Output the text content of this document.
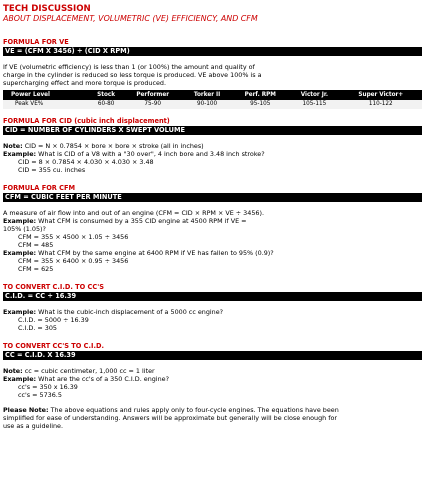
TECH DISCUSSION
ABOUT DISPLACEMENT, VOLUMETRIC (VE) EFFICIENCY, AND CFM
FORMULA FOR VE
VE = (CFM X 3456) ÷ (CID X RPM)

If VE (volumetric efficiency) is less than 1 (or 100%) the amount and quality of

charge in the cylinder is reduced so less torque is produced. VE above 100% is a

supercharging effect and more torque is produced.

Power Level	Stock	Performer	Torker II	Perf. RPM	Victor Jr.	Super Victor+
Peak VE%	60-80	75-90	90-100	95-105	105-115	110-122
FORMULA FOR CID (cubic inch displacement)
CID = NUMBER OF CYLINDERS X SWEPT VOLUME

Note: CID = N × 0.7854 × bore × bore × stroke (all in inches)

Example: What is CID of a V8 with a "30 over", 4 inch bore and 3.48 inch stroke?

CID = 8 × 0.7854 × 4.030 × 4.030 × 3.48

CID = 355 cu. inches

FORMULA FOR CFM
CFM = CUBIC FEET PER MINUTE

A measure of air flow into and out of an engine (CFM = CID × RPM × VE ÷ 3456).

Example: What CFM is consumed by a 355 CID engine at 4500 RPM if VE =

105% (1.05)?

CFM = 355 × 4500 × 1.05 ÷ 3456

CFM = 485

Example: What CFM by the same engine at 6400 RPM if VE has fallen to 95% (0.9)?

CFM = 355 × 6400 × 0.95 ÷ 3456

CFM = 625

TO CONVERT C.I.D. TO CC'S
C.I.D. = CC ÷ 16.39

Example: What is the cubic-inch displacement of a 5000 cc engine?

C.I.D. = 5000 ÷ 16.39

C.I.D. = 305

TO CONVERT CC'S TO C.I.D.
CC = C.I.D. X 16.39

Note: cc = cubic centimeter, 1,000 cc = 1 liter

Example: What are the cc's of a 350 C.I.D. engine?

cc's = 350 x 16.39

cc's = 5736.5

Please Note: The above equations and rules apply only to four-cycle engines. The equations have been

simplified for ease of understanding. Answers will be approximate but generally will be close enough for

use as a guideline.
